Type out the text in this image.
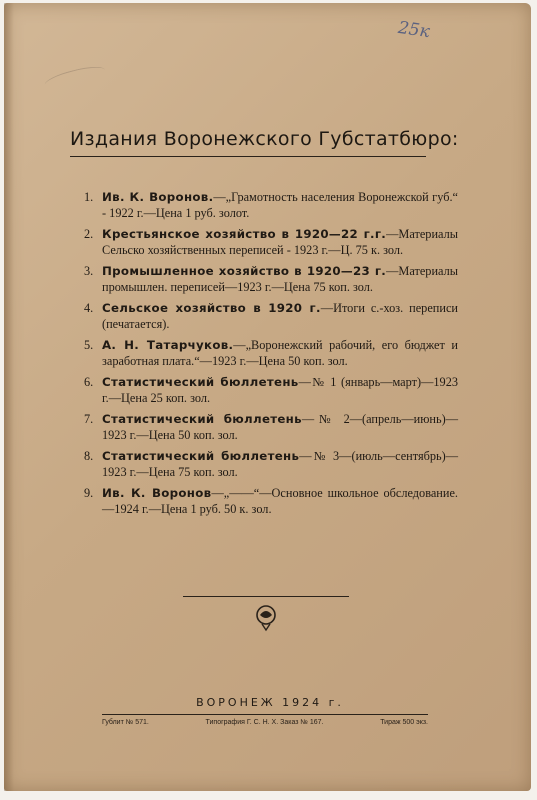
25к
Издания Воронежского Губстатбюро:
1. Ив. К. Воронов.—„Грамотность населения Воронежской губ.“ - 1922 г.—Цена 1 руб. золот.
2. Крестьянское хозяйство в 1920—22 г.г.—Материалы Сельско хозяйственных переписей - 1923 г.—Ц. 75 к. зол.
3. Промышленное хозяйство в 1920—23 г.—Материалы промышлен. переписей—1923 г.—Цена 75 коп. зол.
4. Сельское хозяйство в 1920 г.—Итоги с.-хоз. переписи (печатается).
5. А. Н. Татарчуков.—„Воронежский рабочий, его бюджет и заработная плата.“—1923 г.—Цена 50 коп. зол.
6. Статистический бюллетень—№ 1 (январь—март)—1923 г.—Цена 25 коп. зол.
7. Статистический бюллетень—№ 2—(апрель—июнь)—1923 г.—Цена 50 коп. зол.
8. Статистический бюллетень—№ 3—(июль—сентябрь)—1923 г.—Цена 75 коп. зол.
9. Ив. К. Воронов—„——“—Основное школьное обследование.—1924 г.—Цена 1 руб. 50 к. зол.
ВОРОНЕЖ 1924 г.
Гублит № 571.	Типография Г. С. Н. Х. Заказ № 167.	Тираж 500 экз.
